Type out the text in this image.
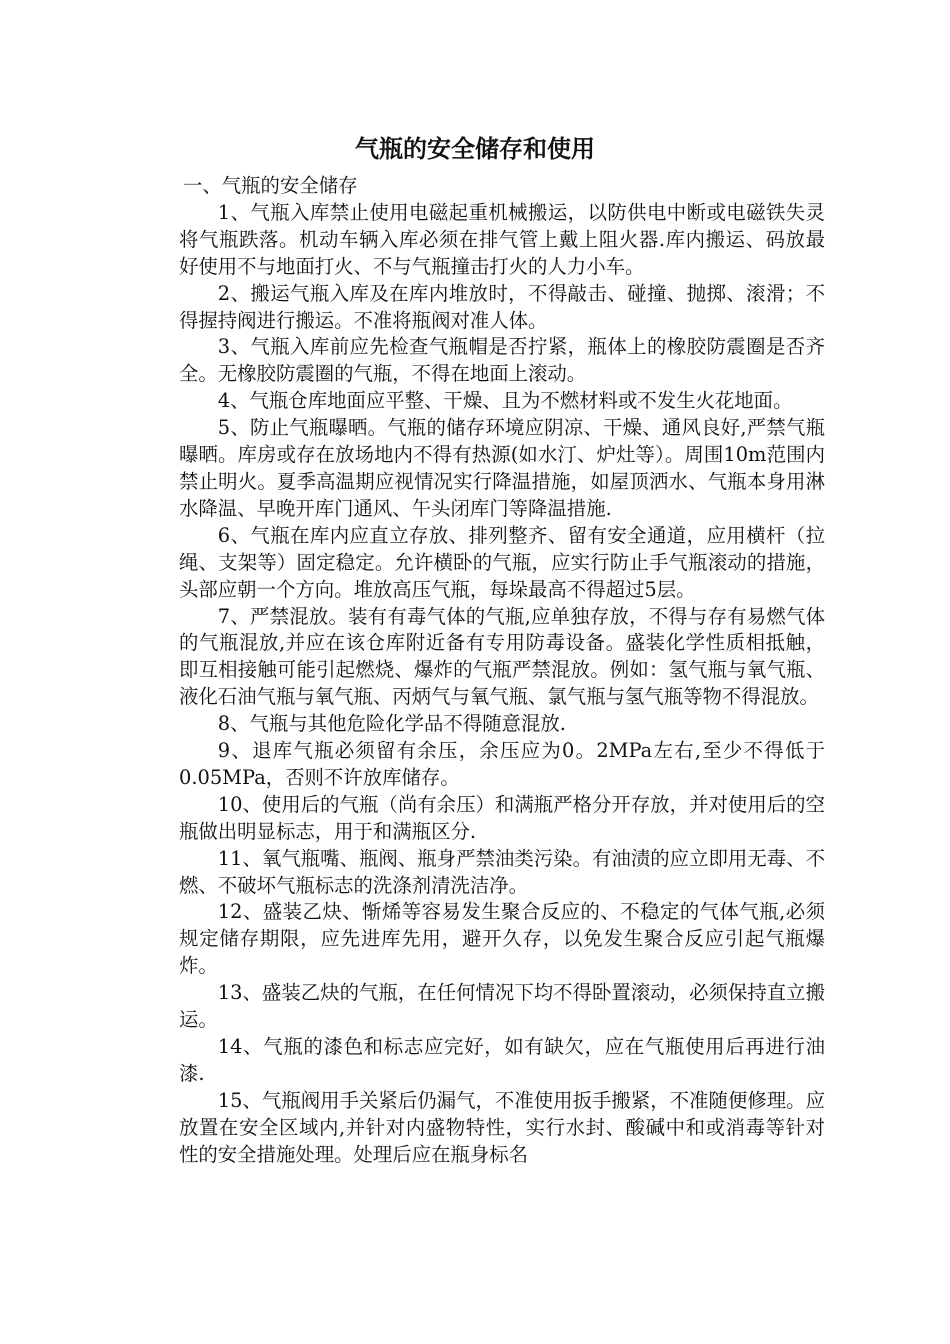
气瓶的安全储存和使用

一、气瓶的安全储存

1、气瓶入库禁止使用电磁起重机械搬运，以防供电中断或电磁铁失灵将气瓶跌落。机动车辆入库必须在排气管上戴上阻火器.库内搬运、码放最好使用不与地面打火、不与气瓶撞击打火的人力小车。

2、搬运气瓶入库及在库内堆放时，不得敲击、碰撞、抛掷、滚滑；不得握持阀进行搬运。不准将瓶阀对准人体。

3、气瓶入库前应先检查气瓶帽是否拧紧，瓶体上的橡胶防震圈是否齐全。无橡胶防震圈的气瓶，不得在地面上滚动。

4、气瓶仓库地面应平整、干燥、且为不燃材料或不发生火花地面。

5、防止气瓶曝晒。气瓶的储存环境应阴凉、干燥、通风良好,严禁气瓶曝晒。库房或存在放场地内不得有热源(如水汀、炉灶等）。周围10m范围内禁止明火。夏季高温期应视情况实行降温措施，如屋顶洒水、气瓶本身用淋水降温、早晚开库门通风、午头闭库门等降温措施.

6、气瓶在库内应直立存放、排列整齐、留有安全通道，应用横杆（拉绳、支架等）固定稳定。允许横卧的气瓶，应实行防止手气瓶滚动的措施，头部应朝一个方向。堆放高压气瓶，每垛最高不得超过5层。

7、严禁混放。装有有毒气体的气瓶,应单独存放，不得与存有易燃气体的气瓶混放,并应在该仓库附近备有专用防毒设备。盛装化学性质相抵触，即互相接触可能引起燃烧、爆炸的气瓶严禁混放。例如：氢气瓶与氧气瓶、液化石油气瓶与氧气瓶、丙炳气与氧气瓶、氯气瓶与氢气瓶等物不得混放。

8、气瓶与其他危险化学品不得随意混放.

9、退库气瓶必须留有余压，余压应为0。2MPa左右,至少不得低于0.05MPa，否则不许放库储存。

10、使用后的气瓶（尚有余压）和满瓶严格分开存放，并对使用后的空瓶做出明显标志，用于和满瓶区分.

11、氧气瓶嘴、瓶阀、瓶身严禁油类污染。有油渍的应立即用无毒、不燃、不破坏气瓶标志的洗涤剂清洗洁净。

12、盛装乙炔、惭烯等容易发生聚合反应的、不稳定的气体气瓶,必须规定储存期限，应先进库先用，避开久存，以免发生聚合反应引起气瓶爆炸。

13、盛装乙炔的气瓶，在任何情况下均不得卧置滚动，必须保持直立搬运。

14、气瓶的漆色和标志应完好，如有缺欠，应在气瓶使用后再进行油漆.

15、气瓶阀用手关紧后仍漏气，不准使用扳手搬紧，不准随便修理。应放置在安全区域内,并针对内盛物特性，实行水封、酸碱中和或消毒等针对性的安全措施处理。处理后应在瓶身标名
